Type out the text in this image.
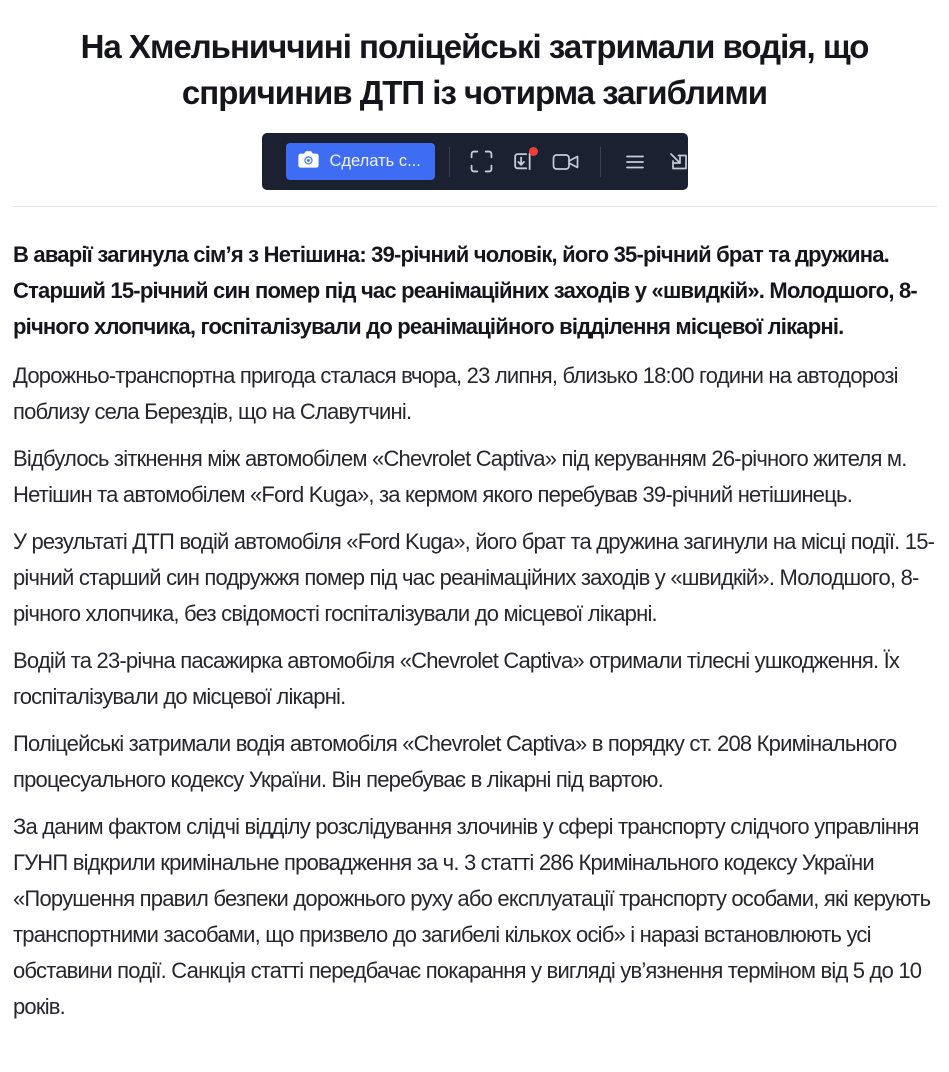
На Хмельниччині поліцейські затримали водія, що спричинив ДТП із чотирма загиблими
Сделать с...

В аварії загинула сім’я з Нетішина: 39-річний чоловік, його 35-річний брат та дружина. Старший 15-річний син помер під час реанімаційних заходів у «швидкій». Молодшого, 8-річного хлопчика, госпіталізували до реанімаційного відділення місцевої лікарні.

Дорожньо-транспортна пригода сталася вчора, 23 липня, близько 18:00 години на автодорозі поблизу села Берездів, що на Славутчині.

Відбулось зіткнення між автомобілем «Chevrolet Captiva» під керуванням 26-річного жителя м. Нетішин та автомобілем «Ford Kuga», за кермом якого перебував 39-річний нетішинець.

У результаті ДТП водій автомобіля «Ford Kuga», його брат та дружина загинули на місці події. 15-річний старший син подружжя помер під час реанімаційних заходів у «швидкій». Молодшого, 8-річного хлопчика, без свідомості госпіталізували до місцевої лікарні.

Водій та 23-річна пасажирка автомобіля «Chevrolet Captiva» отримали тілесні ушкодження. Їх госпіталізували до місцевої лікарні.

Поліцейські затримали водія автомобіля «Chevrolet Captiva» в порядку ст. 208 Кримінального процесуального кодексу України. Він перебуває в лікарні під вартою.

За даним фактом слідчі відділу розслідування злочинів у сфері транспорту слідчого управління ГУНП відкрили кримінальне провадження за ч. 3 статті 286 Кримінального кодексу України «Порушення правил безпеки дорожнього руху або експлуатації транспорту особами, які керують транспортними засобами, що призвело до загибелі кількох осіб» і наразі встановлюють усі обставини події. Санкція статті передбачає покарання у вигляді ув’язнення терміном від 5 до 10 років.
